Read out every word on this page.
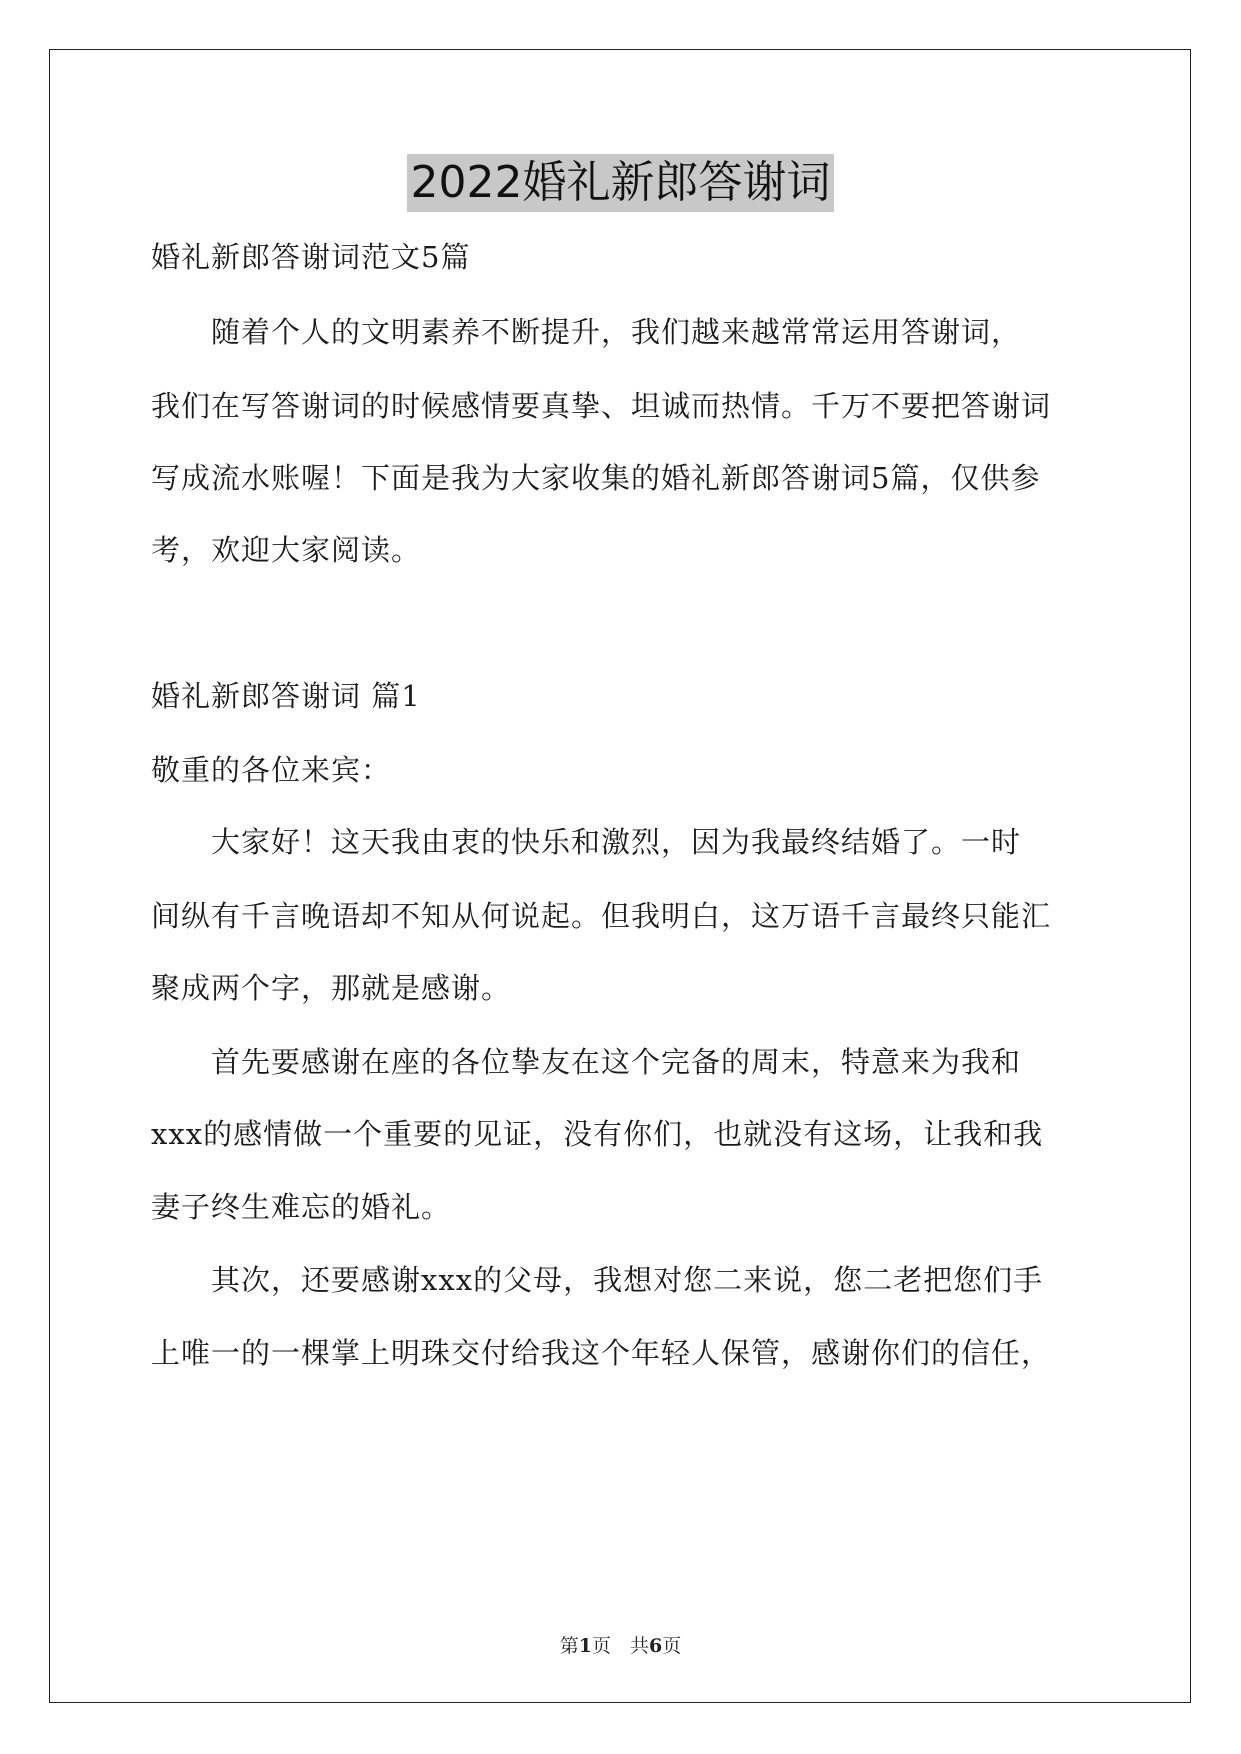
2022婚礼新郎答谢词
婚礼新郎答谢词范文5篇
　　随着个人的文明素养不断提升，我们越来越常常运用答谢词，
我们在写答谢词的时候感情要真挚、坦诚而热情。千万不要把答谢词
写成流水账喔！下面是我为大家收集的婚礼新郎答谢词5篇，仅供参
考，欢迎大家阅读。
婚礼新郎答谢词 篇1
敬重的各位来宾：
　　大家好！这天我由衷的快乐和激烈，因为我最终结婚了。一时
间纵有千言晚语却不知从何说起。但我明白，这万语千言最终只能汇
聚成两个字，那就是感谢。
　　首先要感谢在座的各位挚友在这个完备的周末，特意来为我和
xxx的感情做一个重要的见证，没有你们，也就没有这场，让我和我
妻子终生难忘的婚礼。
　　其次，还要感谢xxx的父母，我想对您二来说，您二老把您们手
上唯一的一棵掌上明珠交付给我这个年轻人保管，感谢你们的信任，
第1页　共6页
